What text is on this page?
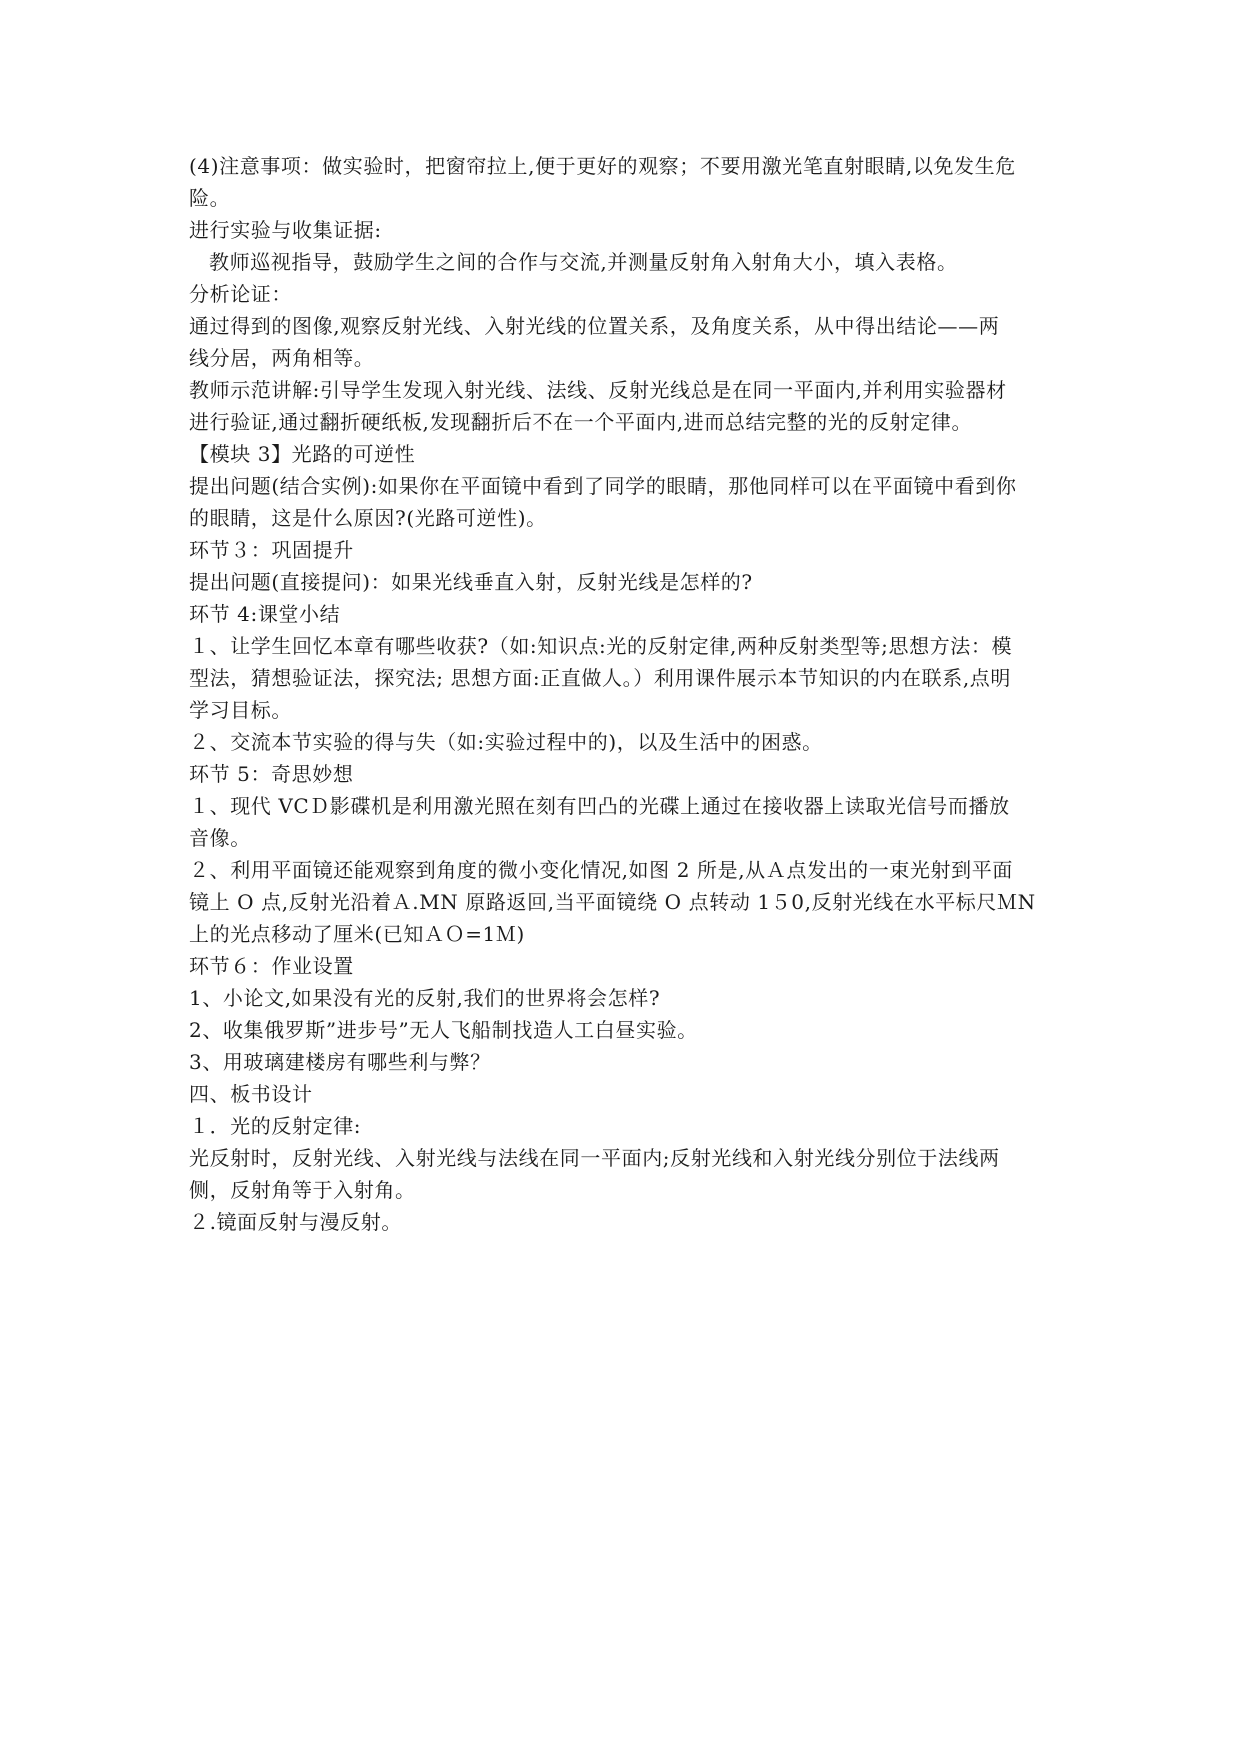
(4)注意事项：做实验时，把窗帘拉上,便于更好的观察；不要用激光笔直射眼睛,以免发生危

险。

进行实验与收集证据:

教师巡视指导，鼓励学生之间的合作与交流,并测量反射角入射角大小，填入表格。

分析论证：

通过得到的图像,观察反射光线、入射光线的位置关系，及角度关系，从中得出结论——两

线分居，两角相等。

教师示范讲解:引导学生发现入射光线、法线、反射光线总是在同一平面内,并利用实验器材

进行验证,通过翻折硬纸板,发现翻折后不在一个平面内,进而总结完整的光的反射定律。

【模块 3】光路的可逆性

提出问题(结合实例):如果你在平面镜中看到了同学的眼睛，那他同样可以在平面镜中看到你

的眼睛，这是什么原因?(光路可逆性)。

环节３：巩固提升

提出问题(直接提问)：如果光线垂直入射，反射光线是怎样的?

环节 4:课堂小结

１、让学生回忆本章有哪些收获?（如:知识点:光的反射定律,两种反射类型等;思想方法：模

型法，猜想验证法，探究法; 思想方面:正直做人。）利用课件展示本节知识的内在联系,点明

学习目标。

２、交流本节实验的得与失（如:实验过程中的)，以及生活中的困惑。

环节 5：奇思妙想

１、现代 VCＤ影碟机是利用激光照在刻有凹凸的光碟上通过在接收器上读取光信号而播放

音像。

２、利用平面镜还能观察到角度的微小变化情况,如图 2 所是,从Ａ点发出的一束光射到平面

镜上 O 点,反射光沿着Ａ.MN 原路返回,当平面镜绕 O 点转动 1５0,反射光线在水平标尺ＭN

上的光点移动了厘米(已知ＡＯ=1Ｍ)

环节６：作业设置

1、小论文,如果没有光的反射,我们的世界将会怎样?

2、收集俄罗斯”进步号”无人飞船制找造人工白昼实验。

3、用玻璃建楼房有哪些利与弊？

四、板书设计

１．光的反射定律:

光反射时，反射光线、入射光线与法线在同一平面内;反射光线和入射光线分别位于法线两

侧，反射角等于入射角。

２.镜面反射与漫反射。
